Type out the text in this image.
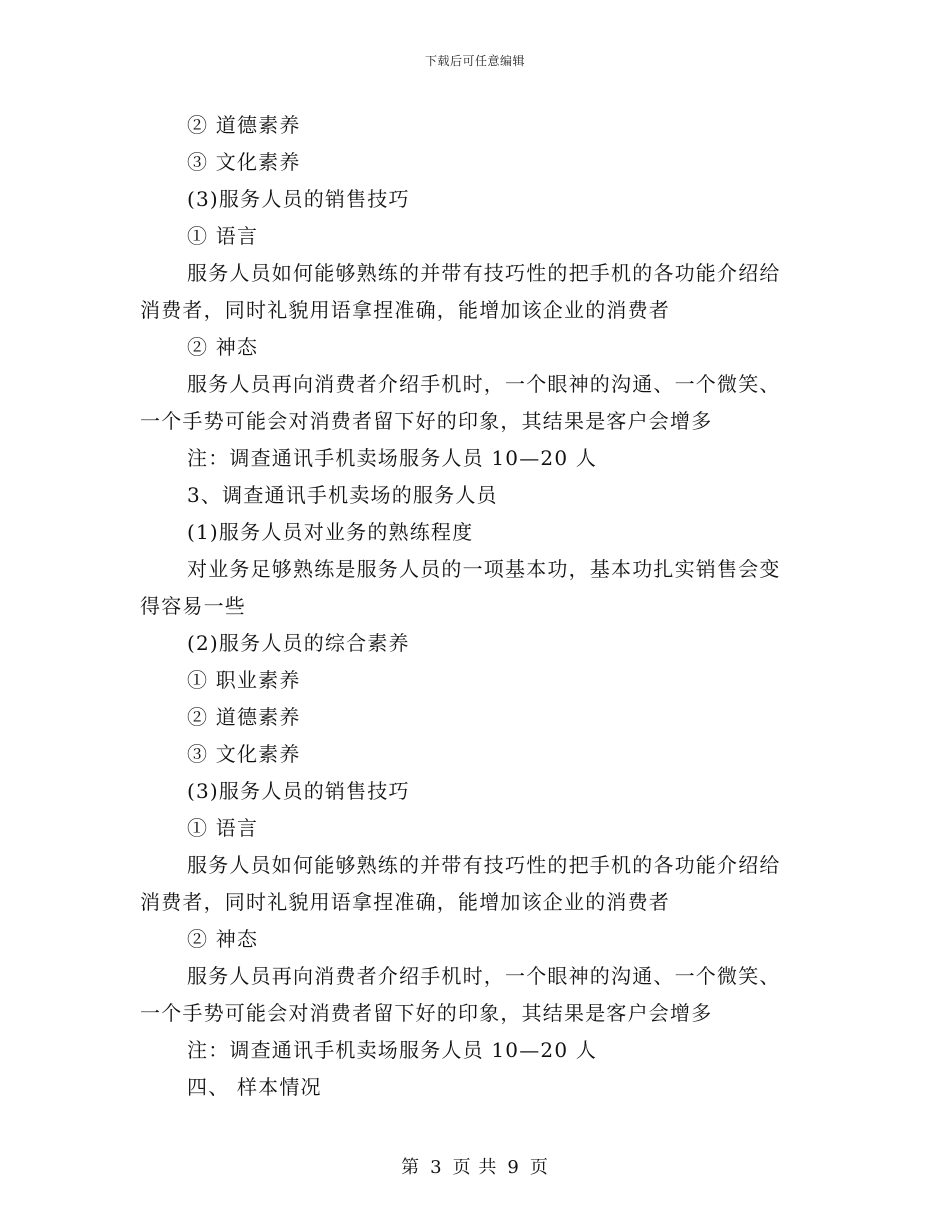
下载后可任意编辑
② 道德素养
③ 文化素养
(3)服务人员的销售技巧
① 语言
服务人员如何能够熟练的并带有技巧性的把手机的各功能介绍给
消费者，同时礼貌用语拿捏准确，能增加该企业的消费者
② 神态
服务人员再向消费者介绍手机时，一个眼神的沟通、一个微笑、
一个手势可能会对消费者留下好的印象，其结果是客户会增多
注：调查通讯手机卖场服务人员 10—20 人
3、调查通讯手机卖场的服务人员
(1)服务人员对业务的熟练程度
对业务足够熟练是服务人员的一项基本功，基本功扎实销售会变
得容易一些
(2)服务人员的综合素养
① 职业素养
② 道德素养
③ 文化素养
(3)服务人员的销售技巧
① 语言
服务人员如何能够熟练的并带有技巧性的把手机的各功能介绍给
消费者，同时礼貌用语拿捏准确，能增加该企业的消费者
② 神态
服务人员再向消费者介绍手机时，一个眼神的沟通、一个微笑、
一个手势可能会对消费者留下好的印象，其结果是客户会增多
注：调查通讯手机卖场服务人员 10—20 人
四、 样本情况
第 3 页 共 9 页
